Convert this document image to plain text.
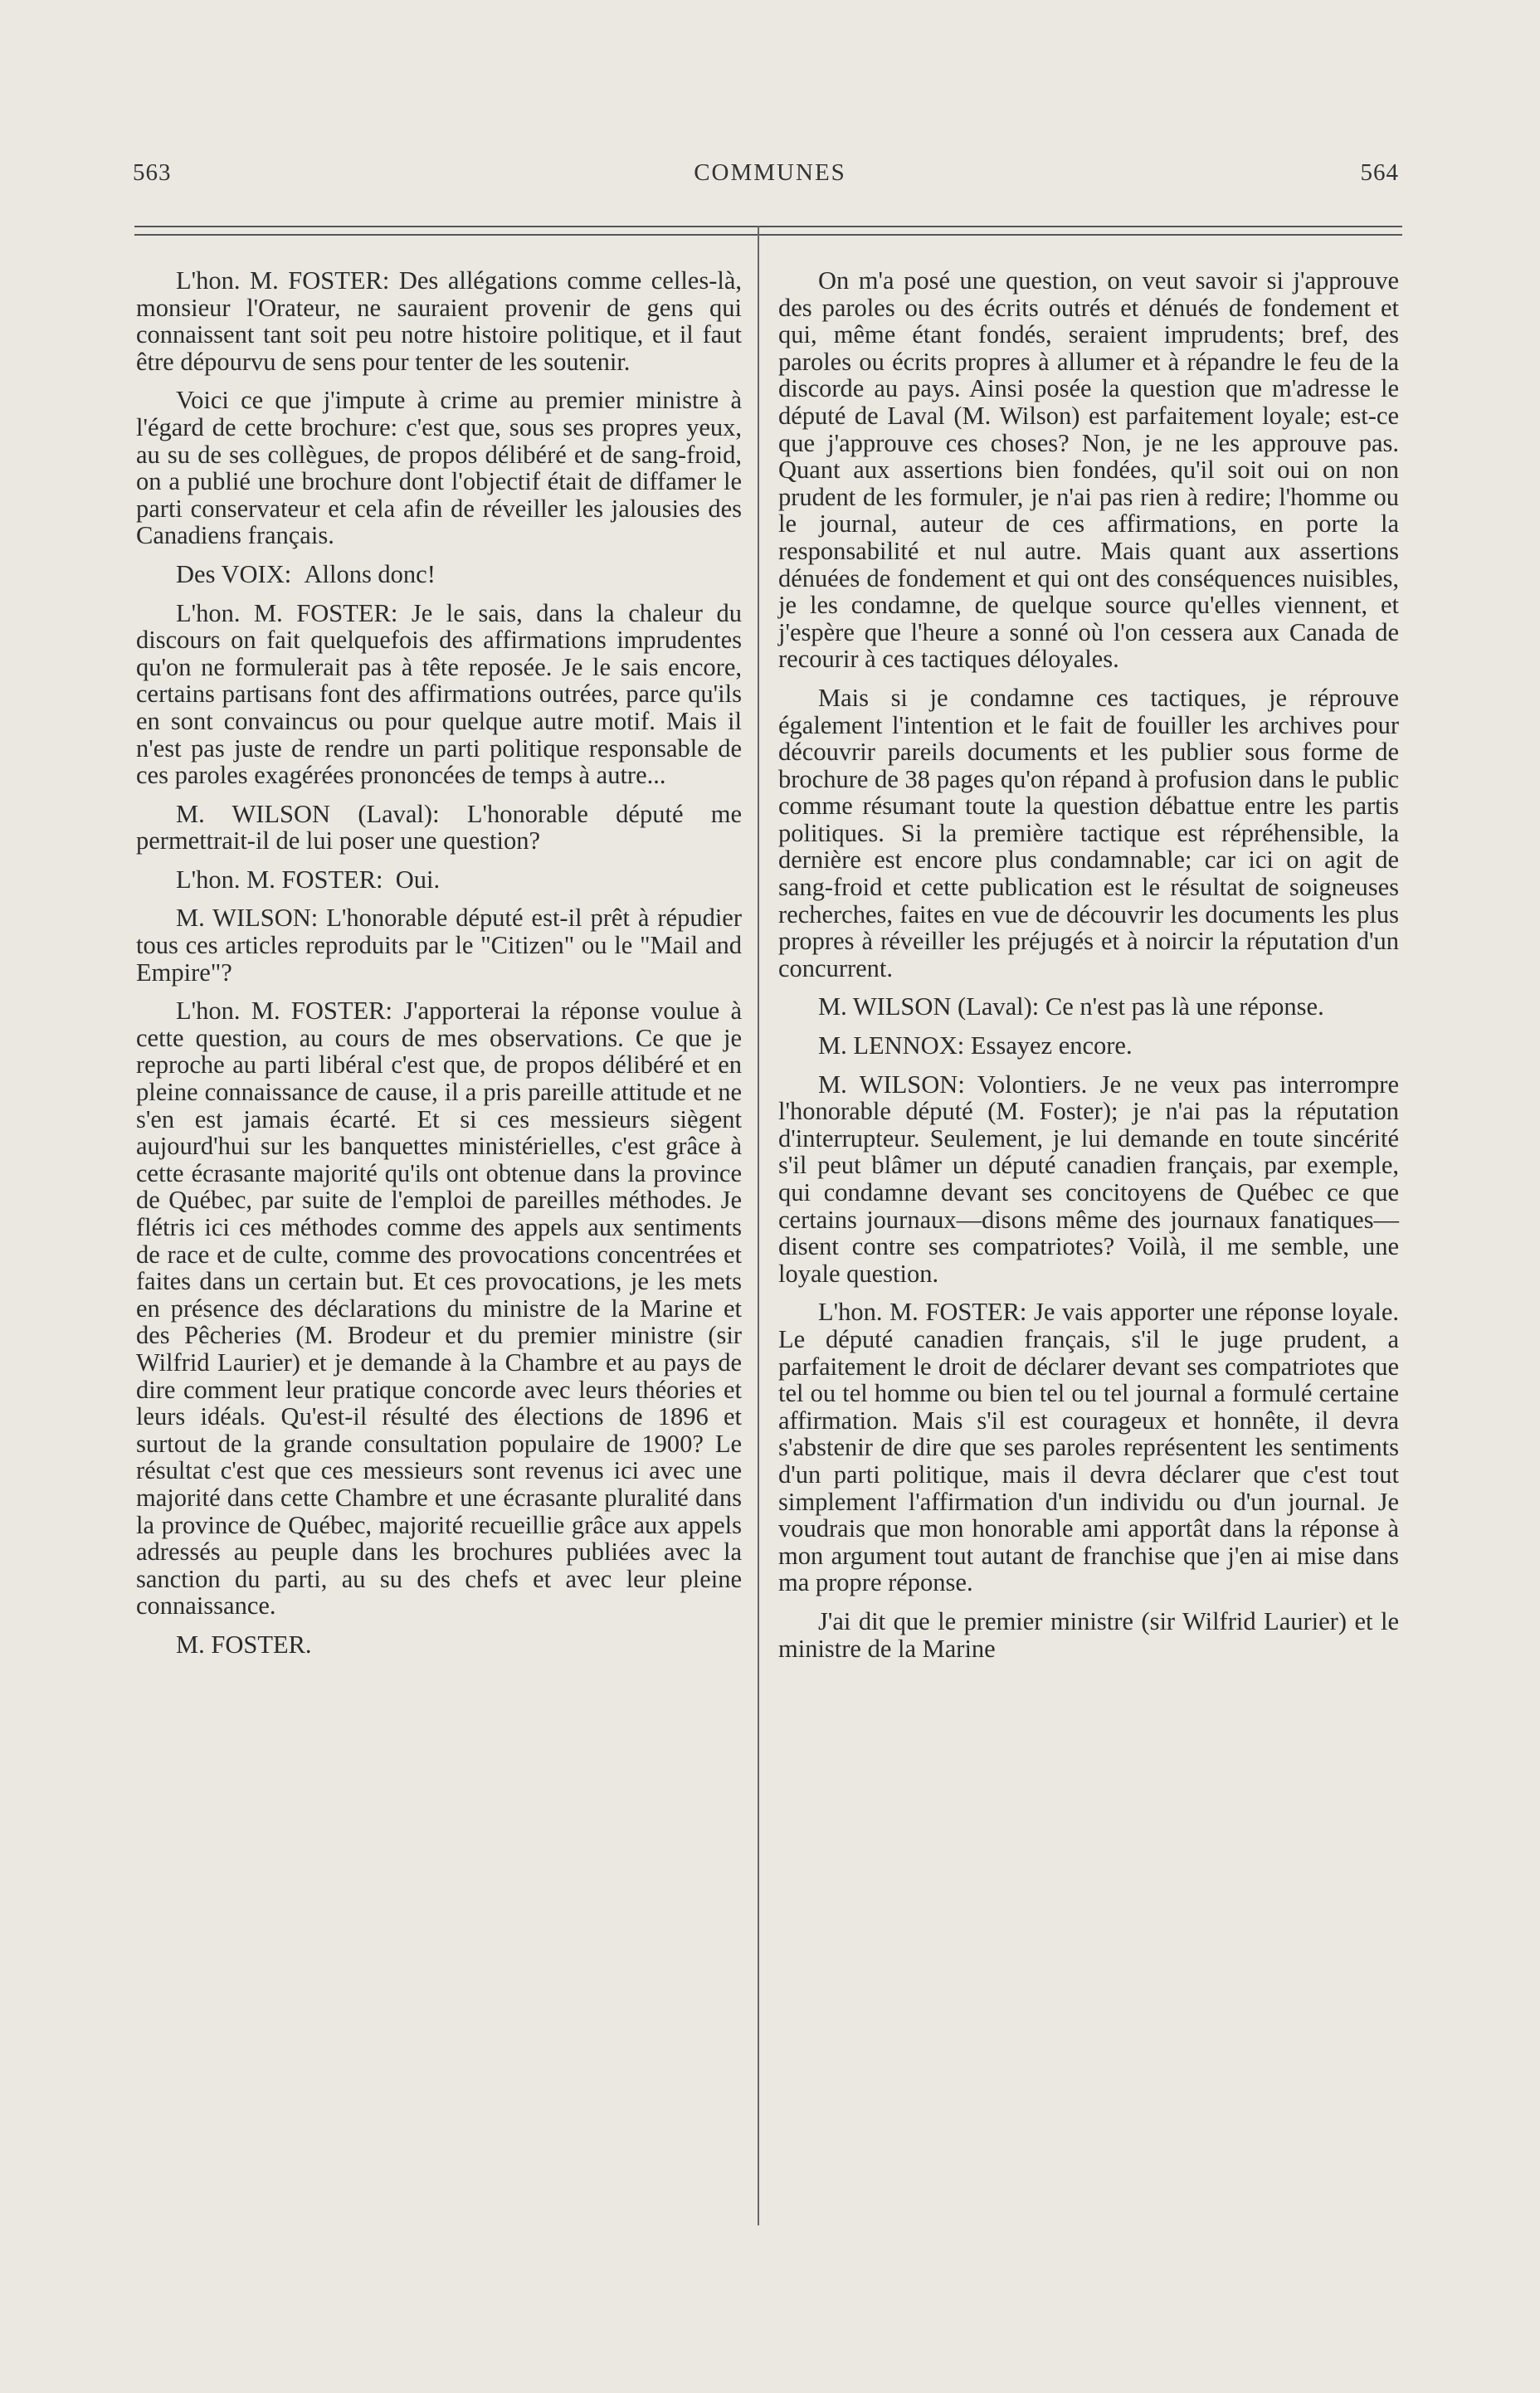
563	COMMUNES	564

L'hon. M. FOSTER: Des allégations comme celles-là, monsieur l'Orateur, ne sauraient provenir de gens qui connaissent tant soit peu notre histoire politique, et il faut être dépourvu de sens pour tenter de les soutenir.

Voici ce que j'impute à crime au premier ministre à l'égard de cette brochure: c'est que, sous ses propres yeux, au su de ses collègues, de propos délibéré et de sang-froid, on a publié une brochure dont l'objectif était de diffamer le parti conservateur et cela afin de réveiller les jalousies des Canadiens français.

Des VOIX: Allons donc!

L'hon. M. FOSTER: Je le sais, dans la chaleur du discours on fait quelquefois des affirmations imprudentes qu'on ne formulerait pas à tête reposée. Je le sais encore, certains partisans font des affirmations outrées, parce qu'ils en sont convaincus ou pour quelque autre motif. Mais il n'est pas juste de rendre un parti politique responsable de ces paroles exagérées prononcées de temps à autre...

M. WILSON (Laval): L'honorable député me permettrait-il de lui poser une question?

L'hon. M. FOSTER: Oui.

M. WILSON: L'honorable député est-il prêt à répudier tous ces articles reproduits par le "Citizen" ou le "Mail and Empire"?

L'hon. M. FOSTER: J'apporterai la réponse voulue à cette question, au cours de mes observations. Ce que je reproche au parti libéral c'est que, de propos délibéré et en pleine connaissance de cause, il a pris pareille attitude et ne s'en est jamais écarté. Et si ces messieurs siègent aujourd'hui sur les banquettes ministérielles, c'est grâce à cette écrasante majorité qu'ils ont obtenue dans la province de Québec, par suite de l'emploi de pareilles méthodes. Je flétris ici ces méthodes comme des appels aux sentiments de race et de culte, comme des provocations concentrées et faites dans un certain but. Et ces provocations, je les mets en présence des déclarations du ministre de la Marine et des Pêcheries (M. Brodeur et du premier ministre (sir Wilfrid Laurier) et je demande à la Chambre et au pays de dire comment leur pratique concorde avec leurs théories et leurs idéals. Qu'est-il résulté des élections de 1896 et surtout de la grande consultation populaire de 1900? Le résultat c'est que ces messieurs sont revenus ici avec une majorité dans cette Chambre et une écrasante pluralité dans la province de Québec, majorité recueillie grâce aux appels adressés au peuple dans les brochures publiées avec la sanction du parti, au su des chefs et avec leur pleine connaissance.

M. FOSTER.

On m'a posé une question, on veut savoir si j'approuve des paroles ou des écrits outrés et dénués de fondement et qui, même étant fondés, seraient imprudents; bref, des paroles ou écrits propres à allumer et à répandre le feu de la discorde au pays. Ainsi posée la question que m'adresse le député de Laval (M. Wilson) est parfaitement loyale; est-ce que j'approuve ces choses? Non, je ne les approuve pas. Quant aux assertions bien fondées, qu'il soit oui on non prudent de les formuler, je n'ai pas rien à redire; l'homme ou le journal, auteur de ces affirmations, en porte la responsabilité et nul autre. Mais quant aux assertions dénuées de fondement et qui ont des conséquences nuisibles, je les condamne, de quelque source qu'elles viennent, et j'espère que l'heure a sonné où l'on cessera aux Canada de recourir à ces tactiques déloyales.

Mais si je condamne ces tactiques, je réprouve également l'intention et le fait de fouiller les archives pour découvrir pareils documents et les publier sous forme de brochure de 38 pages qu'on répand à profusion dans le public comme résumant toute la question débattue entre les partis politiques. Si la première tactique est répréhensible, la dernière est encore plus condamnable; car ici on agit de sang-froid et cette publication est le résultat de soigneuses recherches, faites en vue de découvrir les documents les plus propres à réveiller les préjugés et à noircir la réputation d'un concurrent.

M. WILSON (Laval): Ce n'est pas là une réponse.

M. LENNOX: Essayez encore.

M. WILSON: Volontiers. Je ne veux pas interrompre l'honorable député (M. Foster); je n'ai pas la réputation d'interrupteur. Seulement, je lui demande en toute sincérité s'il peut blâmer un député canadien français, par exemple, qui condamne devant ses concitoyens de Québec ce que certains journaux—disons même des journaux fanatiques—disent contre ses compatriotes? Voilà, il me semble, une loyale question.

L'hon. M. FOSTER: Je vais apporter une réponse loyale. Le député canadien français, s'il le juge prudent, a parfaitement le droit de déclarer devant ses compatriotes que tel ou tel homme ou bien tel ou tel journal a formulé certaine affirmation. Mais s'il est courageux et honnête, il devra s'abstenir de dire que ses paroles représentent les sentiments d'un parti politique, mais il devra déclarer que c'est tout simplement l'affirmation d'un individu ou d'un journal. Je voudrais que mon honorable ami apportât dans la réponse à mon argument tout autant de franchise que j'en ai mise dans ma propre réponse.

J'ai dit que le premier ministre (sir Wilfrid Laurier) et le ministre de la Marine
